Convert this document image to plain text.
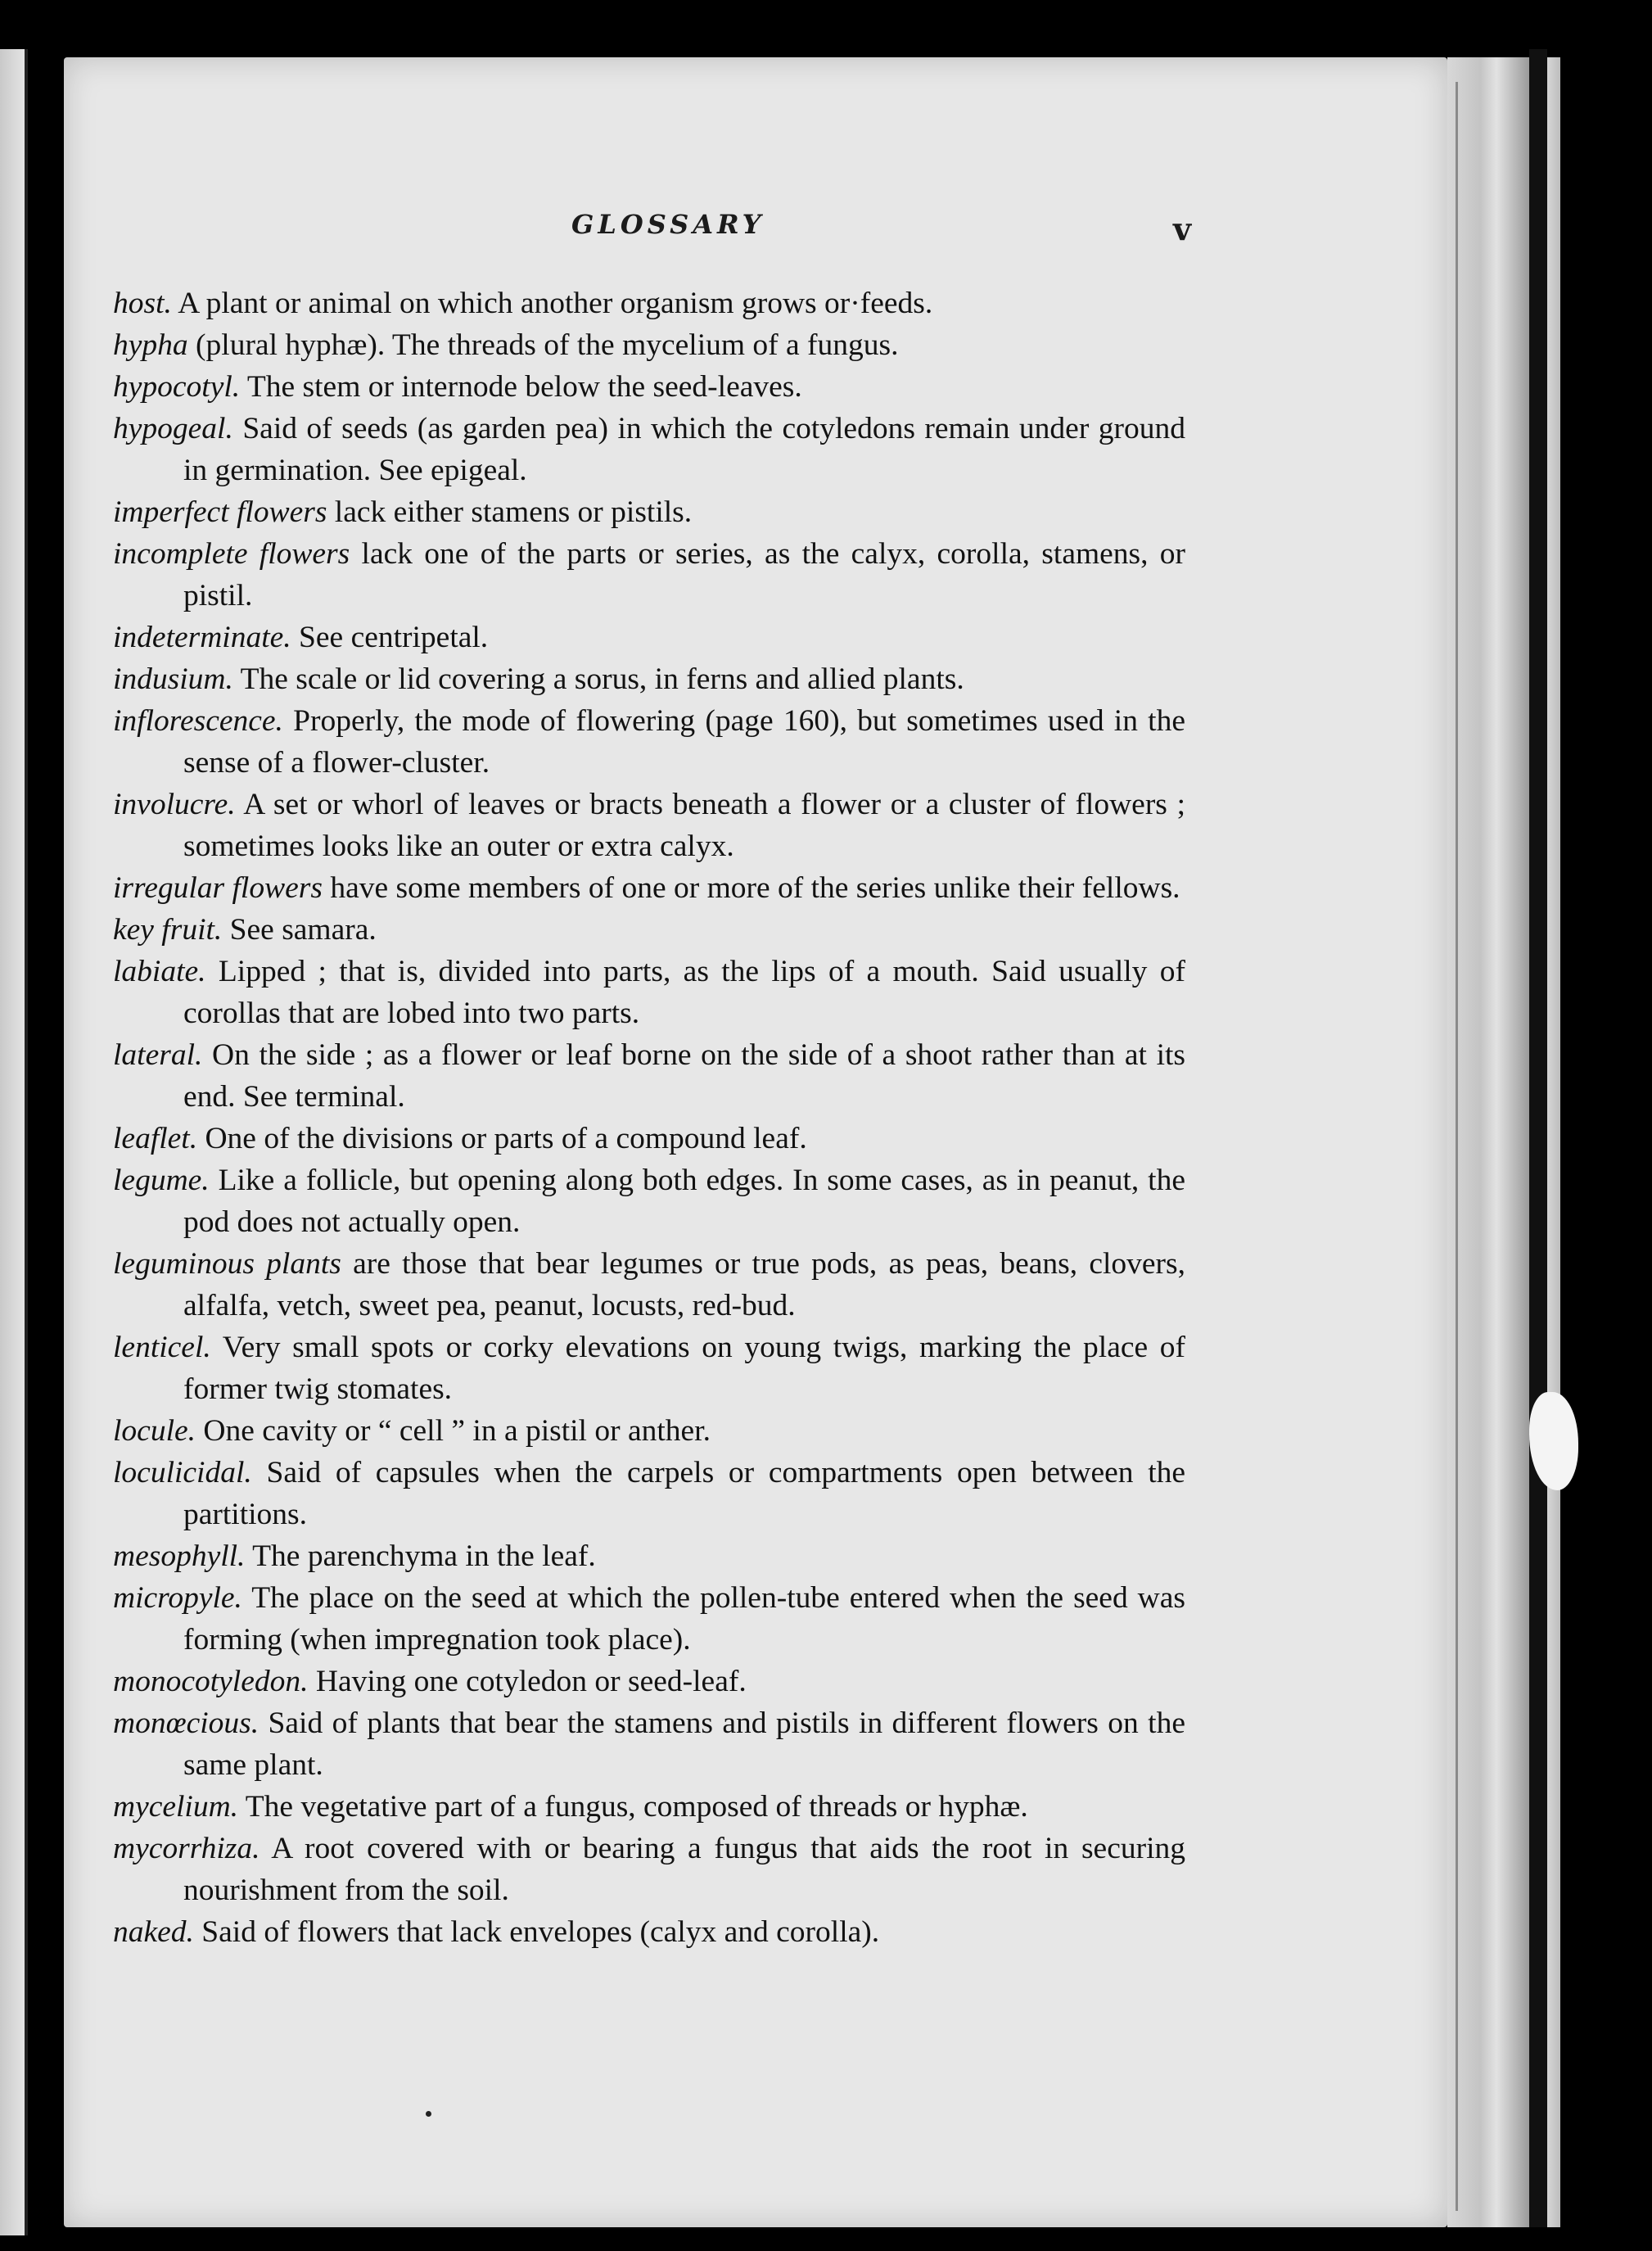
GLOSSARY	v

host. A plant or animal on which another organism grows or·feeds.

hypha (plural hyphæ). The threads of the mycelium of a fungus.

hypocotyl. The stem or internode below the seed-leaves.

hypogeal. Said of seeds (as garden pea) in which the cotyledons remain under ground in germination. See epigeal.

imperfect flowers lack either stamens or pistils.

incomplete flowers lack one of the parts or series, as the calyx, corolla, stamens, or pistil.

indeterminate. See centripetal.

indusium. The scale or lid covering a sorus, in ferns and allied plants.

inflorescence. Properly, the mode of flowering (page 160), but sometimes used in the sense of a flower-cluster.

involucre. A set or whorl of leaves or bracts beneath a flower or a cluster of flowers ; sometimes looks like an outer or extra calyx.

irregular flowers have some members of one or more of the series unlike their fellows.

key fruit. See samara.

labiate. Lipped ; that is, divided into parts, as the lips of a mouth. Said usually of corollas that are lobed into two parts.

lateral. On the side ; as a flower or leaf borne on the side of a shoot rather than at its end. See terminal.

leaflet. One of the divisions or parts of a compound leaf.

legume. Like a follicle, but opening along both edges. In some cases, as in peanut, the pod does not actually open.

leguminous plants are those that bear legumes or true pods, as peas, beans, clovers, alfalfa, vetch, sweet pea, peanut, locusts, red-bud.

lenticel. Very small spots or corky elevations on young twigs, marking the place of former twig stomates.

locule. One cavity or “ cell ” in a pistil or anther.

loculicidal. Said of capsules when the carpels or compartments open between the partitions.

mesophyll. The parenchyma in the leaf.

micropyle. The place on the seed at which the pollen-tube entered when the seed was forming (when impregnation took place).

monocotyledon. Having one cotyledon or seed-leaf.

monœcious. Said of plants that bear the stamens and pistils in different flowers on the same plant.

mycelium. The vegetative part of a fungus, composed of threads or hyphæ.

mycorrhiza. A root covered with or bearing a fungus that aids the root in securing nourishment from the soil.

naked. Said of flowers that lack envelopes (calyx and corolla).
